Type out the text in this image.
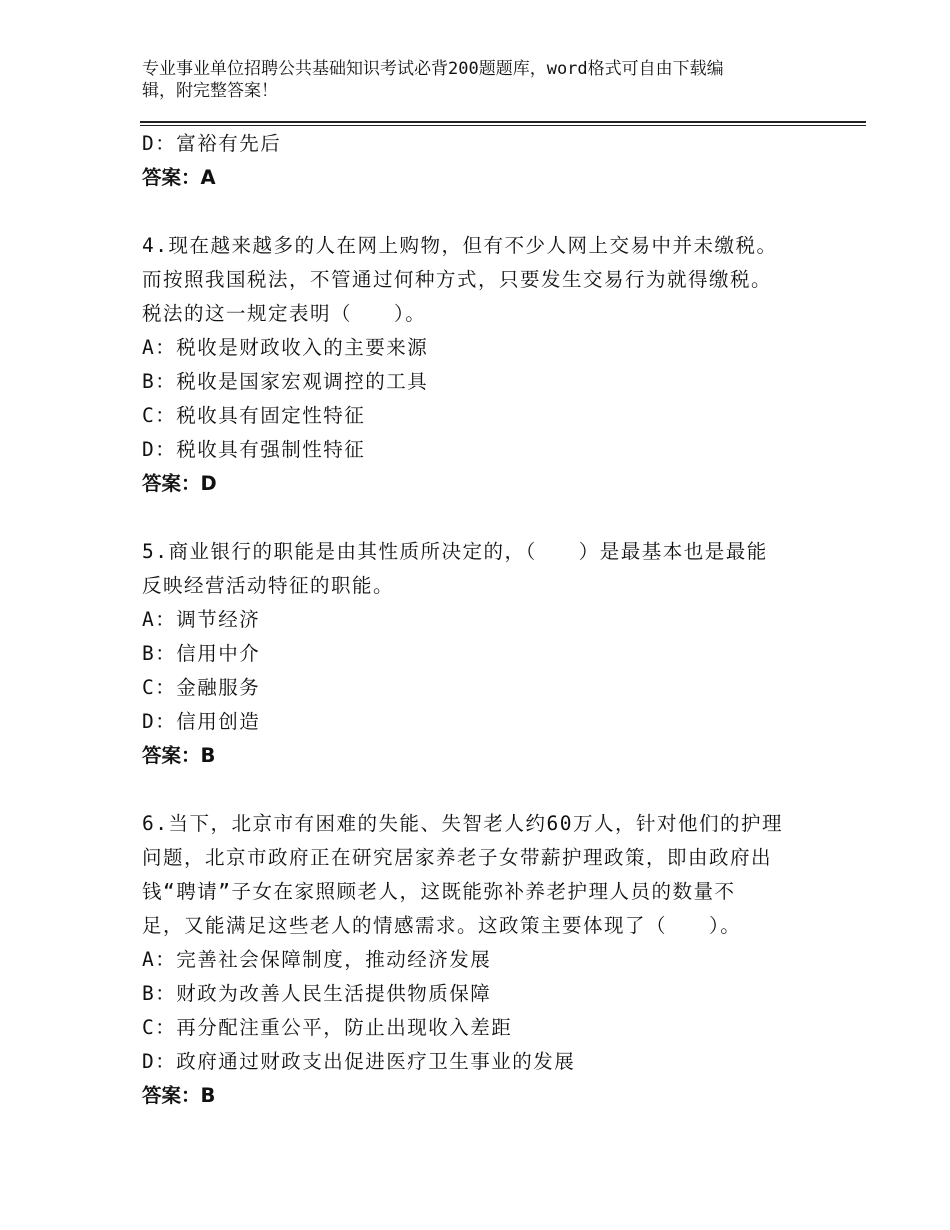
专业事业单位招聘公共基础知识考试必背200题题库，word格式可自由下载编
辑，附完整答案！
D：富裕有先后
答案：A
4.现在越来越多的人在网上购物，但有不少人网上交易中并未缴税。
而按照我国税法，不管通过何种方式，只要发生交易行为就得缴税。
税法的这一规定表明（　　）。
A：税收是财政收入的主要来源
B：税收是国家宏观调控的工具
C：税收具有固定性特征
D：税收具有强制性特征
答案：D
5.商业银行的职能是由其性质所决定的，（　　）是最基本也是最能
反映经营活动特征的职能。
A：调节经济
B：信用中介
C：金融服务
D：信用创造
答案：B
6.当下，北京市有困难的失能、失智老人约60万人，针对他们的护理
问题，北京市政府正在研究居家养老子女带薪护理政策，即由政府出
钱“聘请”子女在家照顾老人，这既能弥补养老护理人员的数量不
足，又能满足这些老人的情感需求。这政策主要体现了（　　）。
A：完善社会保障制度，推动经济发展
B：财政为改善人民生活提供物质保障
C：再分配注重公平，防止出现收入差距
D：政府通过财政支出促进医疗卫生事业的发展
答案：B
